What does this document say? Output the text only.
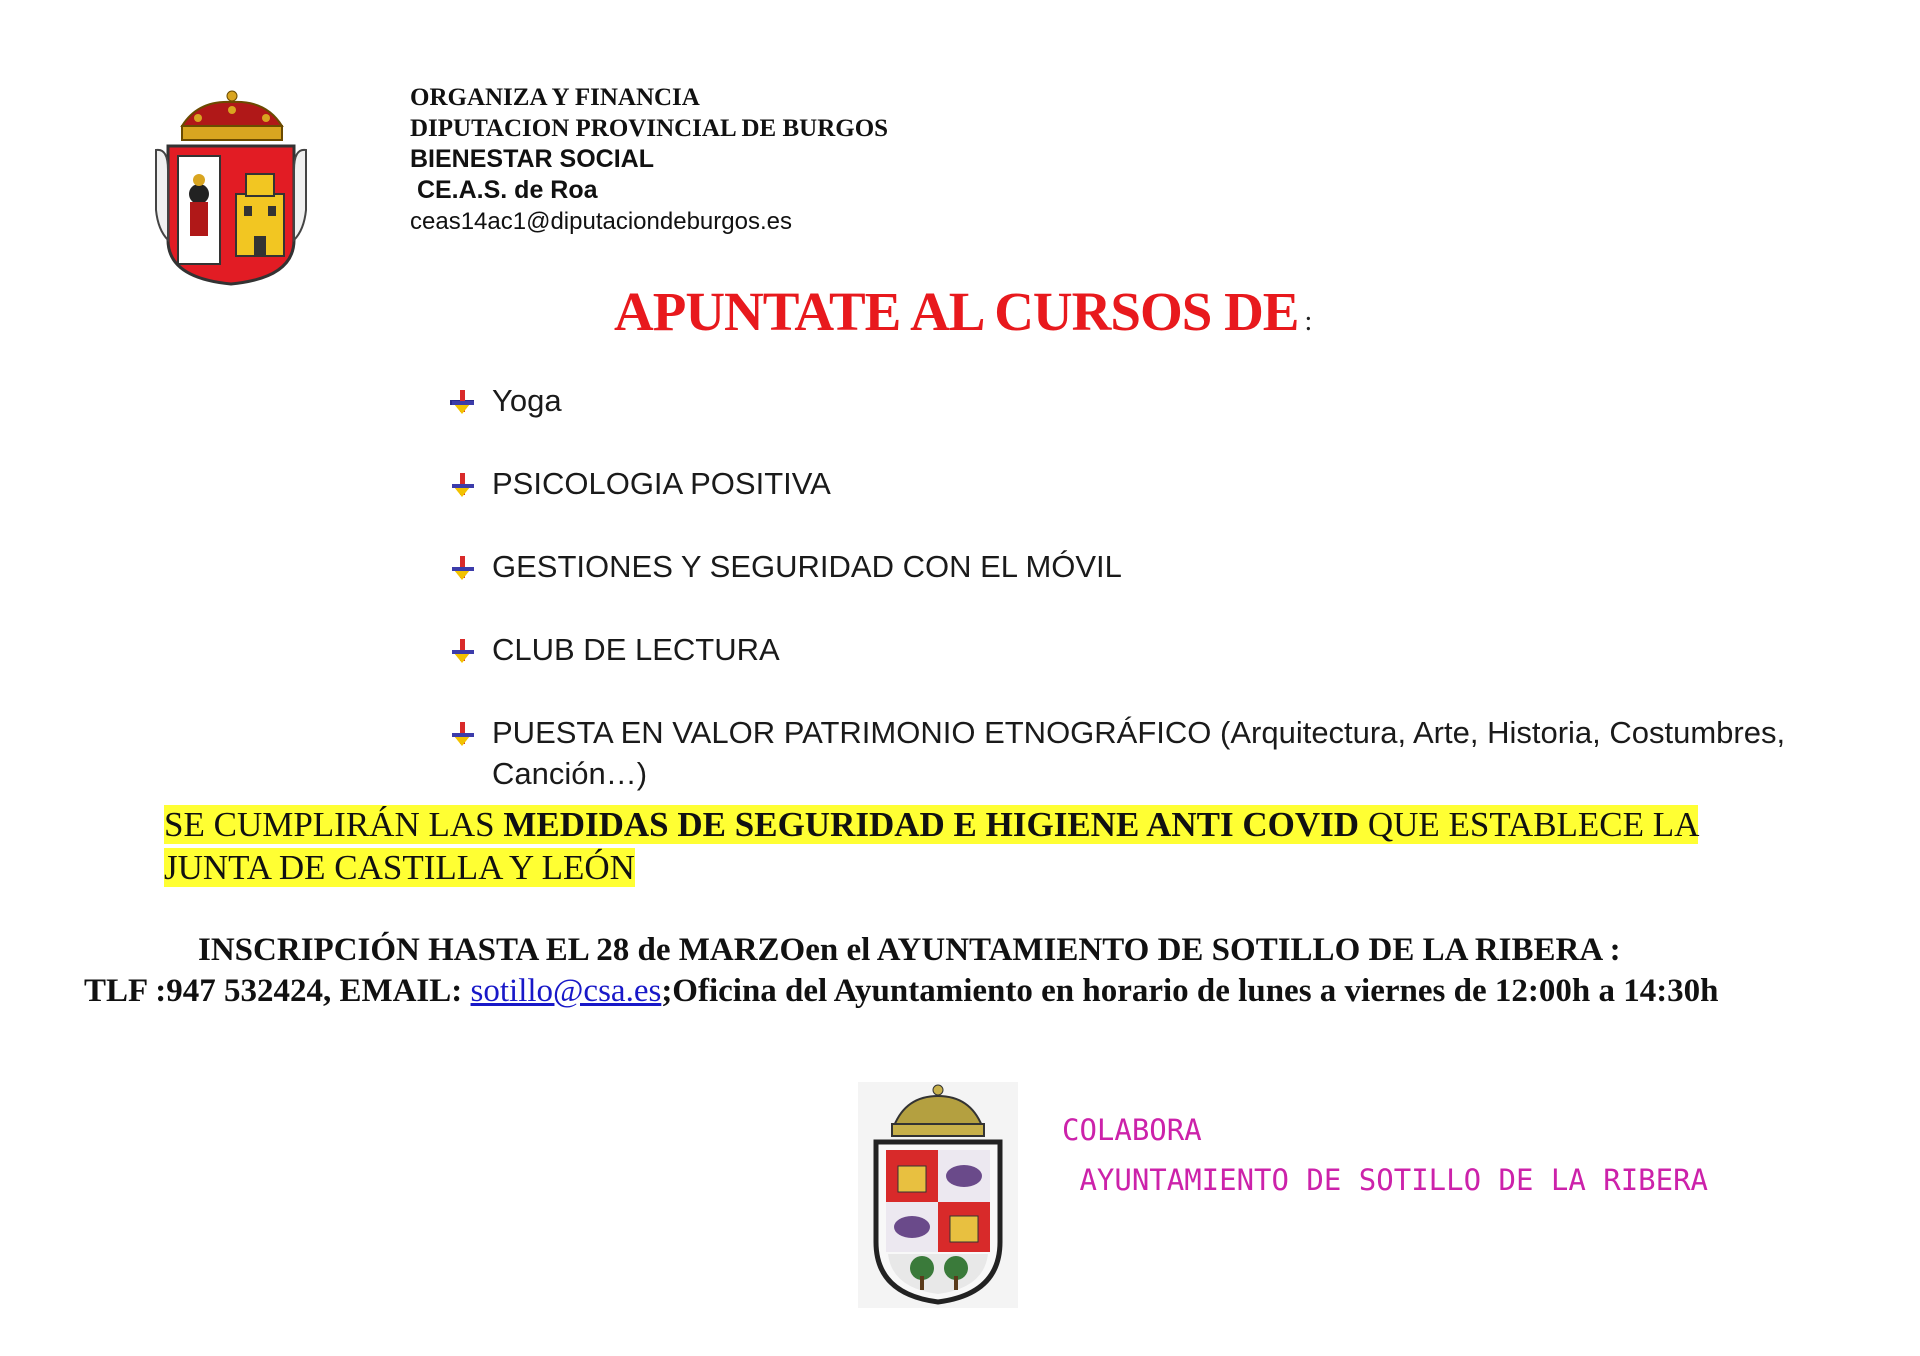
ORGANIZA Y FINANCIA
DIPUTACION PROVINCIAL DE BURGOS
BIENESTAR SOCIAL
CE.A.S. de Roa
ceas14ac1@diputaciondeburgos.es
APUNTATE AL CURSOS DE :
Yoga
PSICOLOGIA POSITIVA
GESTIONES Y SEGURIDAD CON EL MÓVIL
CLUB DE LECTURA
PUESTA EN VALOR PATRIMONIO ETNOGRÁFICO (Arquitectura, Arte, Historia, Costumbres, Canción…)
SE CUMPLIRÁN LAS MEDIDAS DE SEGURIDAD E HIGIENE ANTI COVID QUE ESTABLECE LA JUNTA DE CASTILLA Y LEÓN
INSCRIPCIÓN HASTA EL 28 de MARZOen el AYUNTAMIENTO DE SOTILLO DE LA RIBERA :
TLF :947 532424, EMAIL: sotillo@csa.es;Oficina del Ayuntamiento en horario de lunes a viernes de 12:00h a 14:30h
COLABORA
AYUNTAMIENTO DE SOTILLO DE LA RIBERA
